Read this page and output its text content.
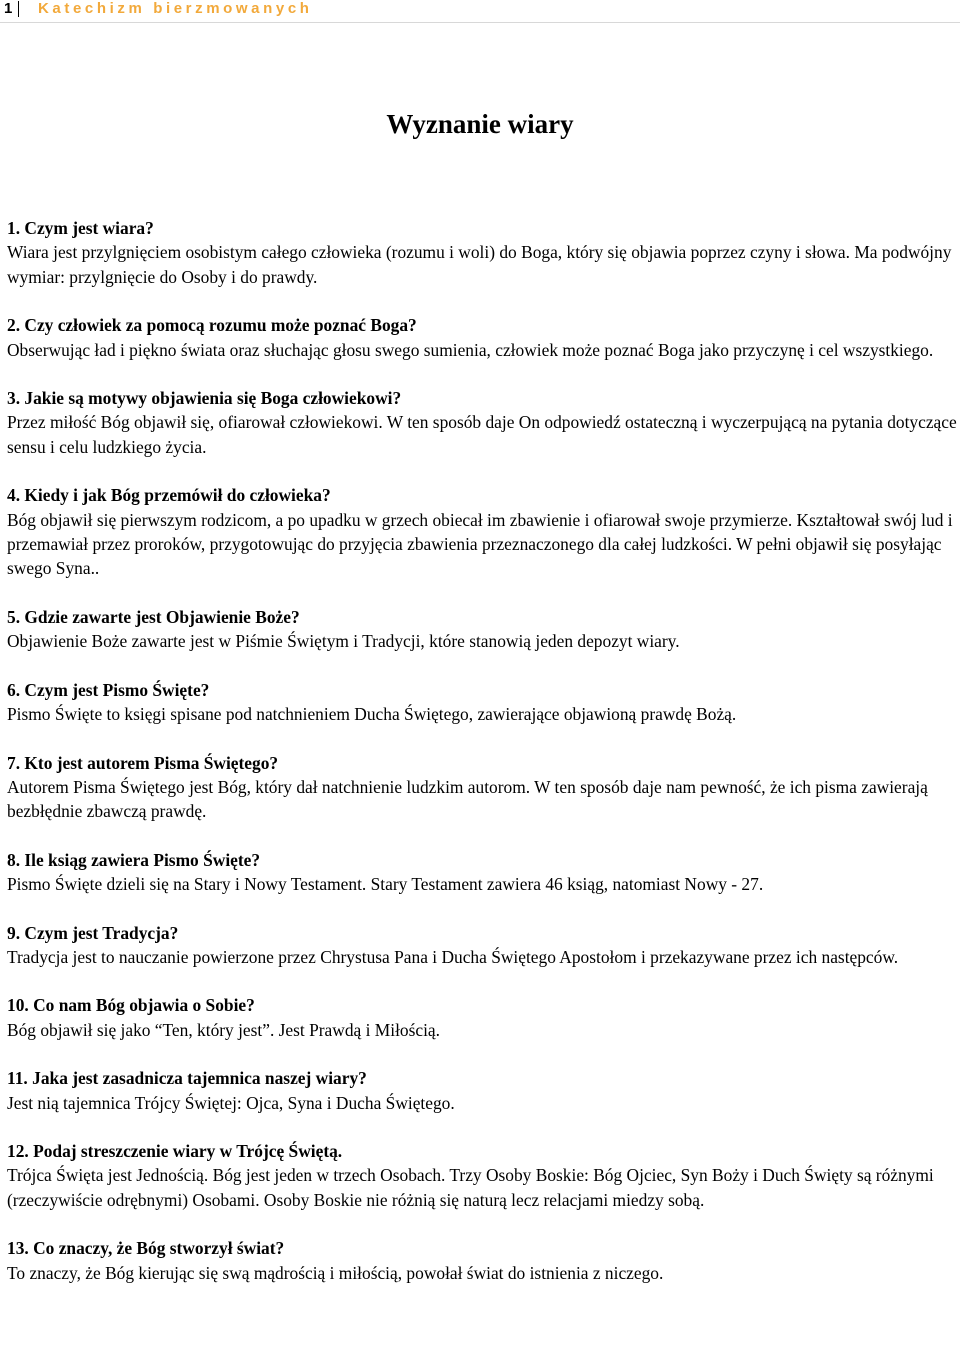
1 Katechizm bierzmowanych
Wyznanie wiary
1. Czym jest wiara?
Wiara jest przylgnięciem osobistym całego człowieka (rozumu i woli) do Boga, który się objawia poprzez czyny i słowa. Ma podwójny wymiar: przylgnięcie do Osoby i do prawdy.
2. Czy człowiek za pomocą rozumu może poznać Boga?
Obserwując ład i piękno świata oraz słuchając głosu swego sumienia, człowiek może poznać Boga jako przyczynę i cel wszystkiego.
3. Jakie są motywy objawienia się Boga człowiekowi?
Przez miłość Bóg objawił się, ofiarował człowiekowi. W ten sposób daje On odpowiedź ostateczną i wyczerpującą na pytania dotyczące sensu i celu ludzkiego życia.
4. Kiedy i jak Bóg przemówił do człowieka?
Bóg objawił się pierwszym rodzicom, a po upadku w grzech obiecał im zbawienie i ofiarował swoje przymierze. Kształtował swój lud i przemawiał przez proroków, przygotowując do przyjęcia zbawienia przeznaczonego dla całej ludzkości. W pełni objawił się posyłając swego Syna..
5. Gdzie zawarte jest Objawienie Boże?
Objawienie Boże zawarte jest w Piśmie Świętym i Tradycji, które stanowią jeden depozyt wiary.
6. Czym jest Pismo Święte?
Pismo Święte to księgi spisane pod natchnieniem Ducha Świętego, zawierające objawioną prawdę Bożą.
7. Kto jest autorem Pisma Świętego?
Autorem Pisma Świętego jest Bóg, który dał natchnienie ludzkim autorom. W ten sposób daje nam pewność, że ich pisma zawierają bezbłędnie zbawczą prawdę.
8. Ile ksiąg zawiera Pismo Święte?
Pismo Święte dzieli się na Stary i Nowy Testament. Stary Testament zawiera 46 ksiąg, natomiast Nowy - 27.
9. Czym jest Tradycja?
Tradycja jest to nauczanie powierzone przez Chrystusa Pana i Ducha Świętego Apostołom i przekazywane przez ich następców.
10. Co nam Bóg objawia o Sobie?
Bóg objawił się jako “Ten, który jest”. Jest Prawdą i Miłością.
11. Jaka jest zasadnicza tajemnica naszej wiary?
Jest nią tajemnica Trójcy Świętej: Ojca, Syna i Ducha Świętego.
12. Podaj streszczenie wiary w Trójcę Świętą.
Trójca Święta jest Jednością. Bóg jest jeden w trzech Osobach. Trzy Osoby Boskie: Bóg Ojciec, Syn Boży i Duch Święty są różnymi (rzeczywiście odrębnymi) Osobami. Osoby Boskie nie różnią się naturą lecz relacjami miedzy sobą.
13. Co znaczy, że Bóg stworzył świat?
To znaczy, że Bóg kierując się swą mądrością i miłością, powołał świat do istnienia z niczego.
